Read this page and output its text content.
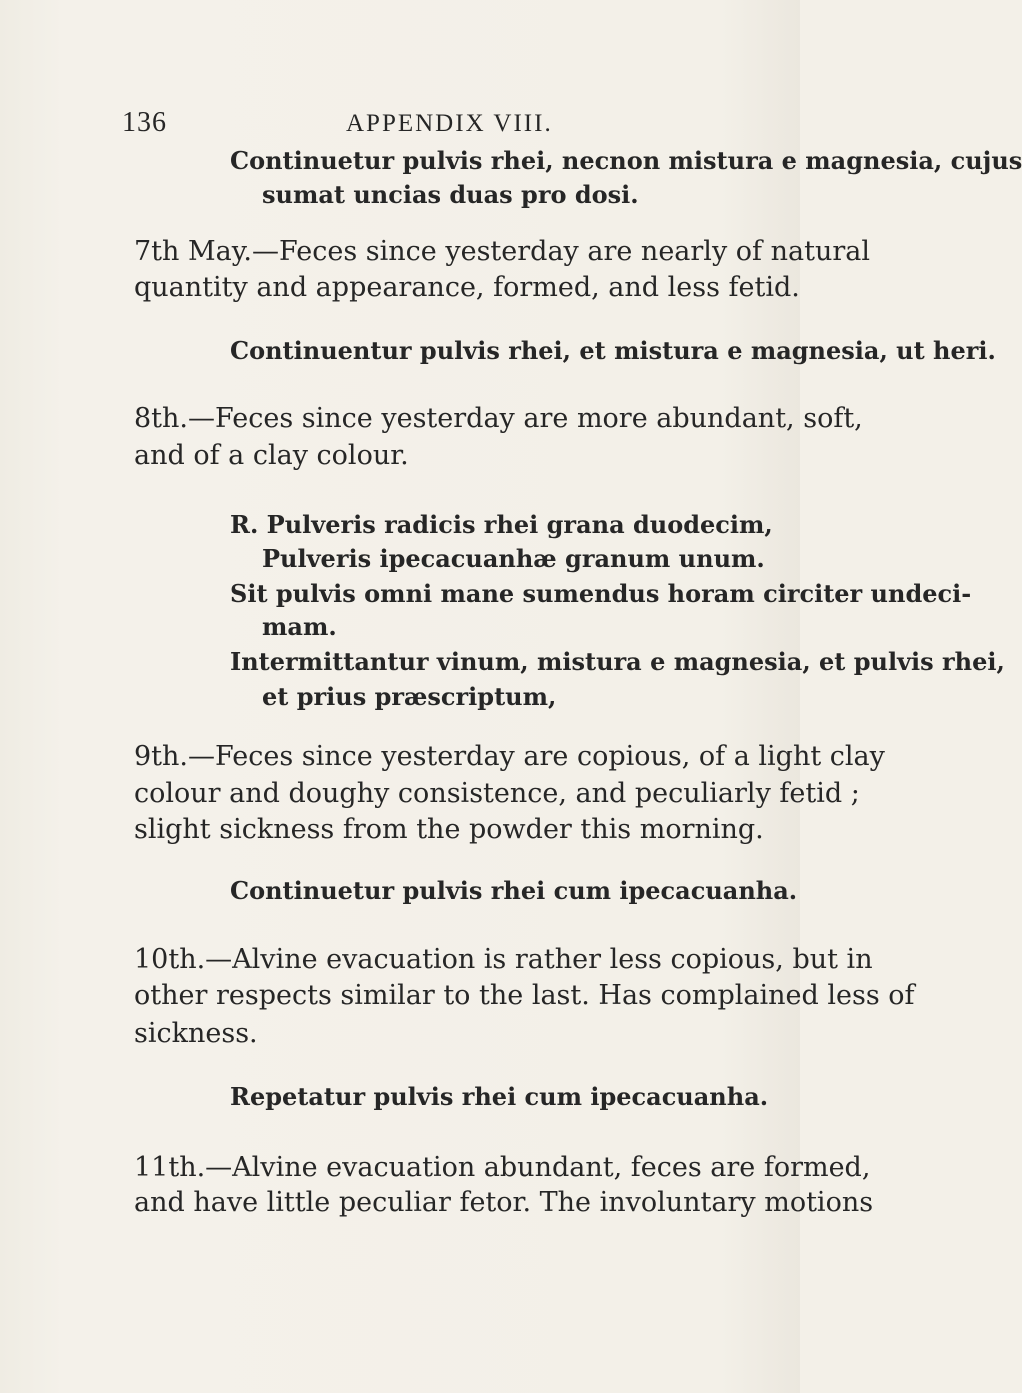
136	APPENDIX VIII.
Continuetur pulvis rhei, necnon mistura e magnesia, cujus
sumat uncias duas pro dosi.
7th May.—Feces since yesterday are nearly of natural
quantity and appearance, formed, and less fetid.
Continuentur pulvis rhei, et mistura e magnesia, ut heri.
8th.—Feces since yesterday are more abundant, soft,
and of a clay colour.
R. Pulveris radicis rhei grana duodecim,
Pulveris ipecacuanhæ granum unum.
Sit pulvis omni mane sumendus horam circiter undeci-
mam.
Intermittantur vinum, mistura e magnesia, et pulvis rhei,
et prius præscriptum,
9th.—Feces since yesterday are copious, of a light clay
colour and doughy consistence, and peculiarly fetid ;
slight sickness from the powder this morning.
Continuetur pulvis rhei cum ipecacuanha.
10th.—Alvine evacuation is rather less copious, but in
other respects similar to the last. Has complained less of
sickness.
Repetatur pulvis rhei cum ipecacuanha.
11th.—Alvine evacuation abundant, feces are formed,
and have little peculiar fetor. The involuntary motions
